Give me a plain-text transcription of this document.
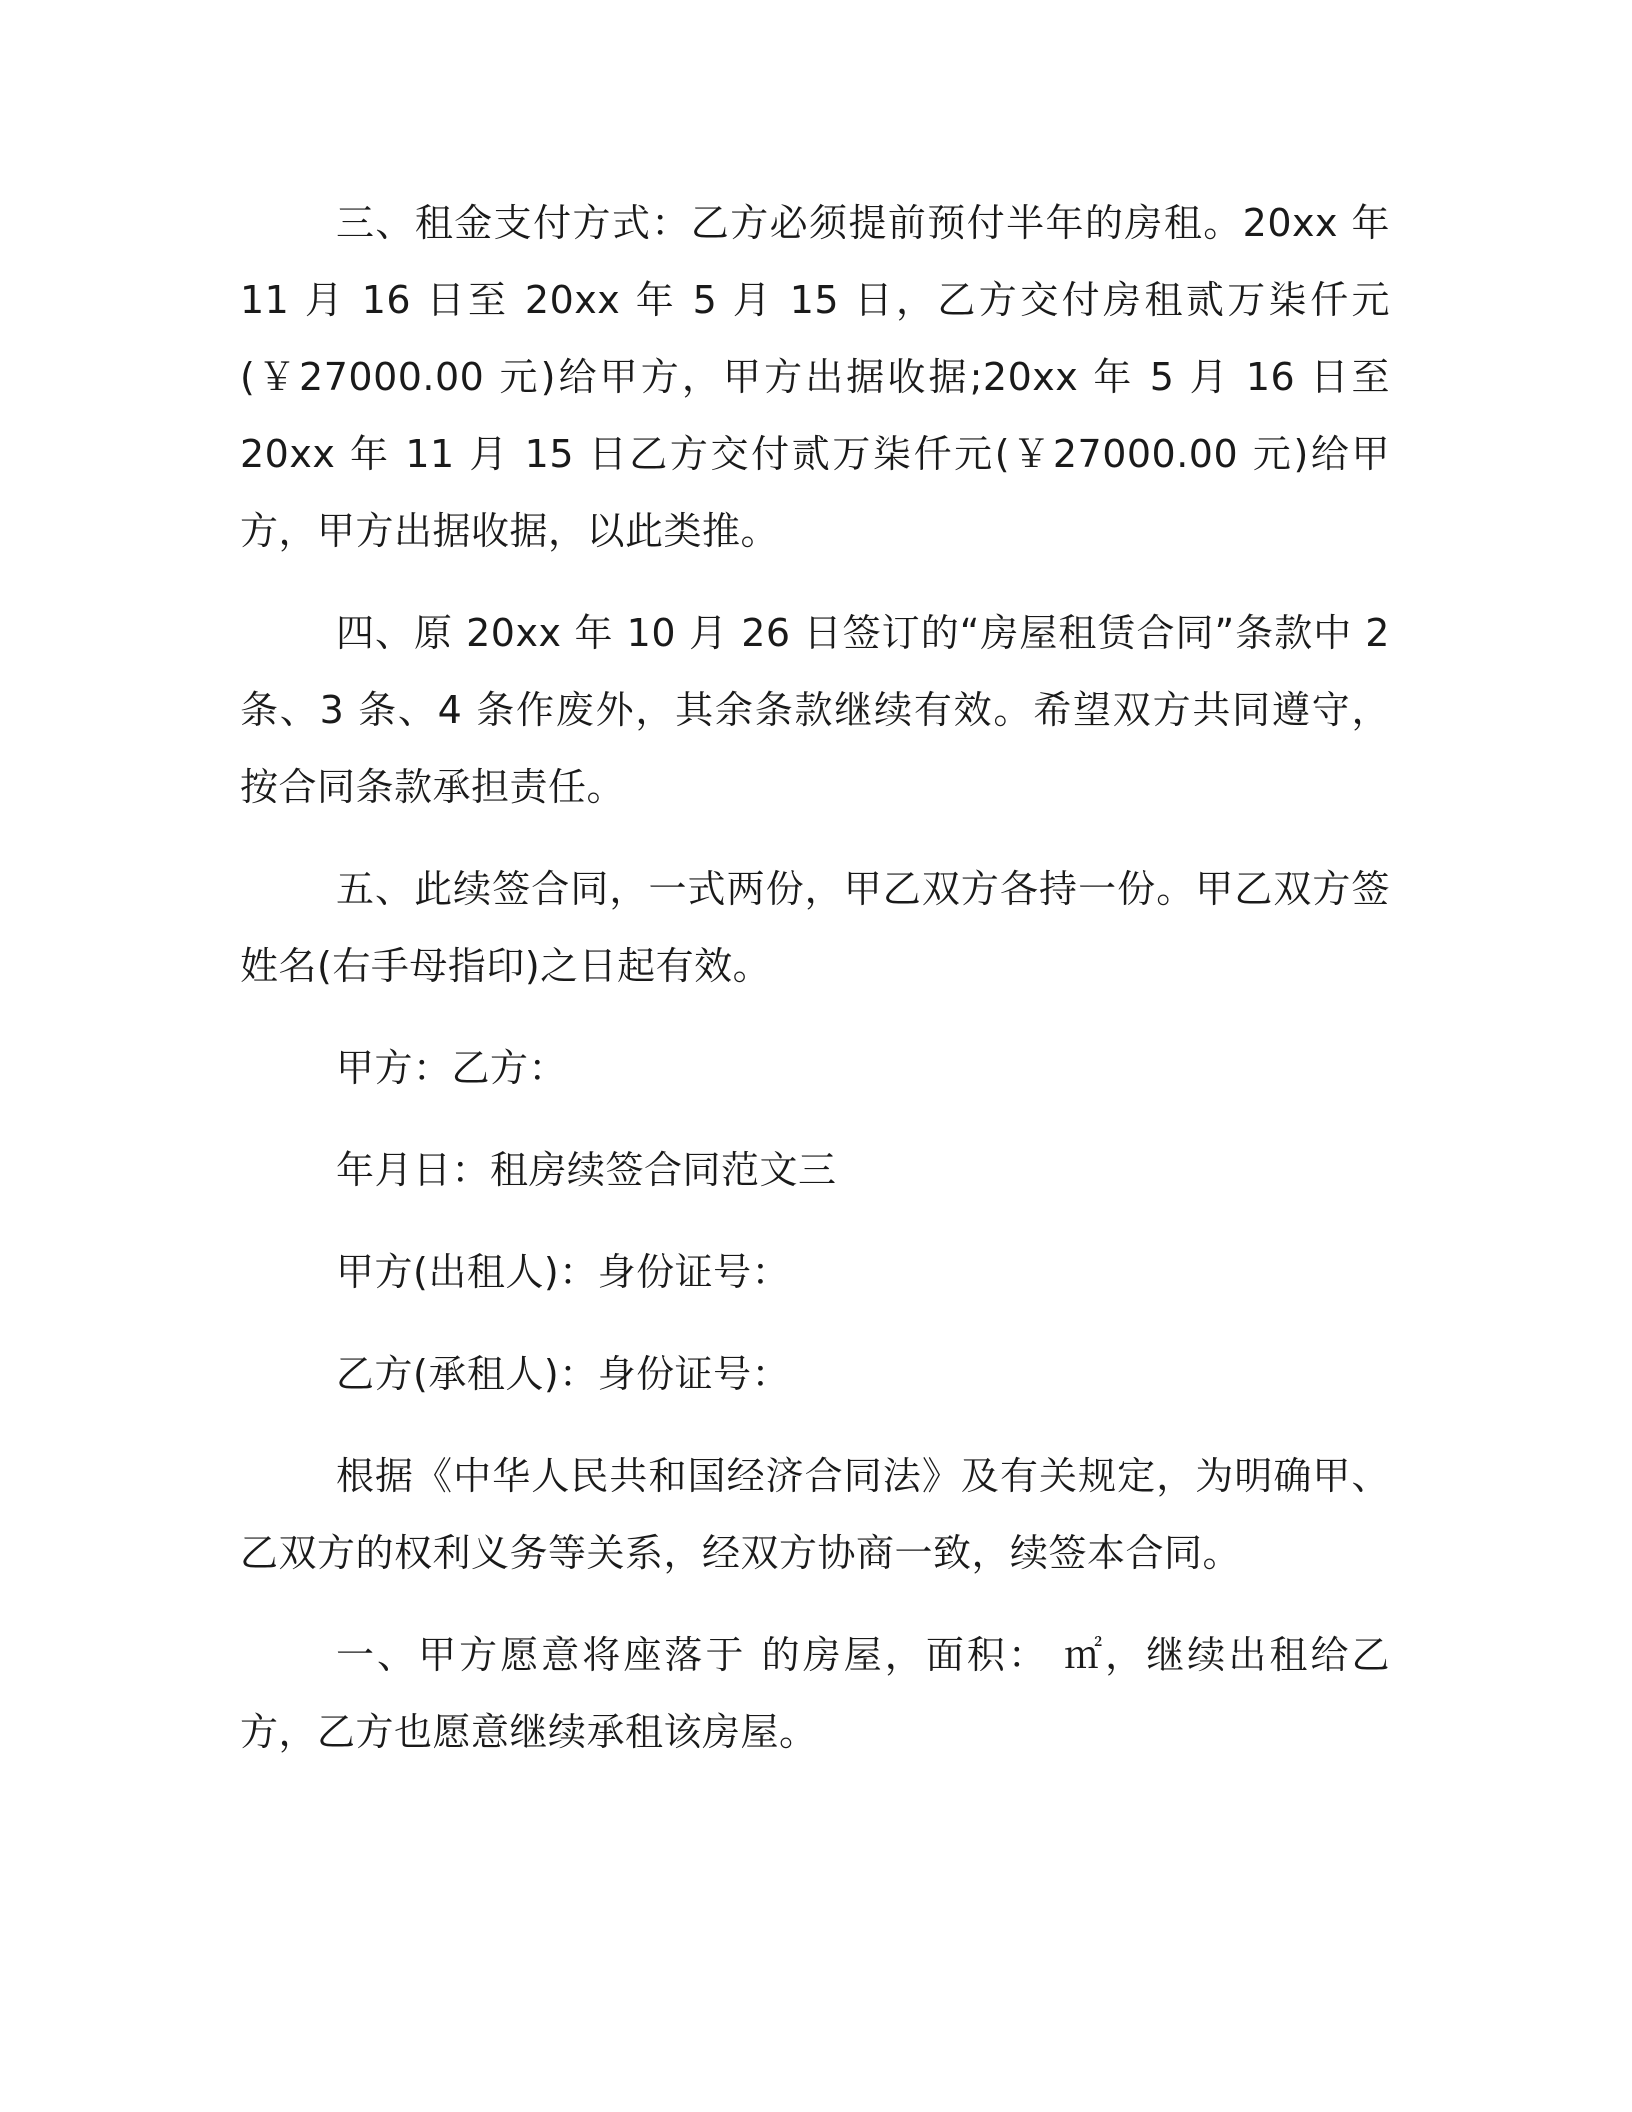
三、租金支付方式：乙方必须提前预付半年的房租。20xx 年 11 月 16 日至 20xx 年 5 月 15 日，乙方交付房租贰万柒仟元(￥27000.00 元)给甲方，甲方出据收据;20xx 年 5 月 16 日至 20xx 年 11 月 15 日乙方交付贰万柒仟元(￥27000.00 元)给甲方，甲方出据收据，以此类推。

四、原 20xx 年 10 月 26 日签订的“房屋租赁合同”条款中 2 条、3 条、4 条作废外，其余条款继续有效。希望双方共同遵守，按合同条款承担责任。

五、此续签合同，一式两份，甲乙双方各持一份。甲乙双方签姓名(右手母指印)之日起有效。

甲方：乙方：

年月日：租房续签合同范文三

甲方(出租人)：身份证号：

乙方(承租人)：身份证号：

根据《中华人民共和国经济合同法》及有关规定，为明确甲、乙双方的权利义务等关系，经双方协商一致，续签本合同。

一、甲方愿意将座落于 的房屋，面积： ㎡，继续出租给乙方，乙方也愿意继续承租该房屋。
